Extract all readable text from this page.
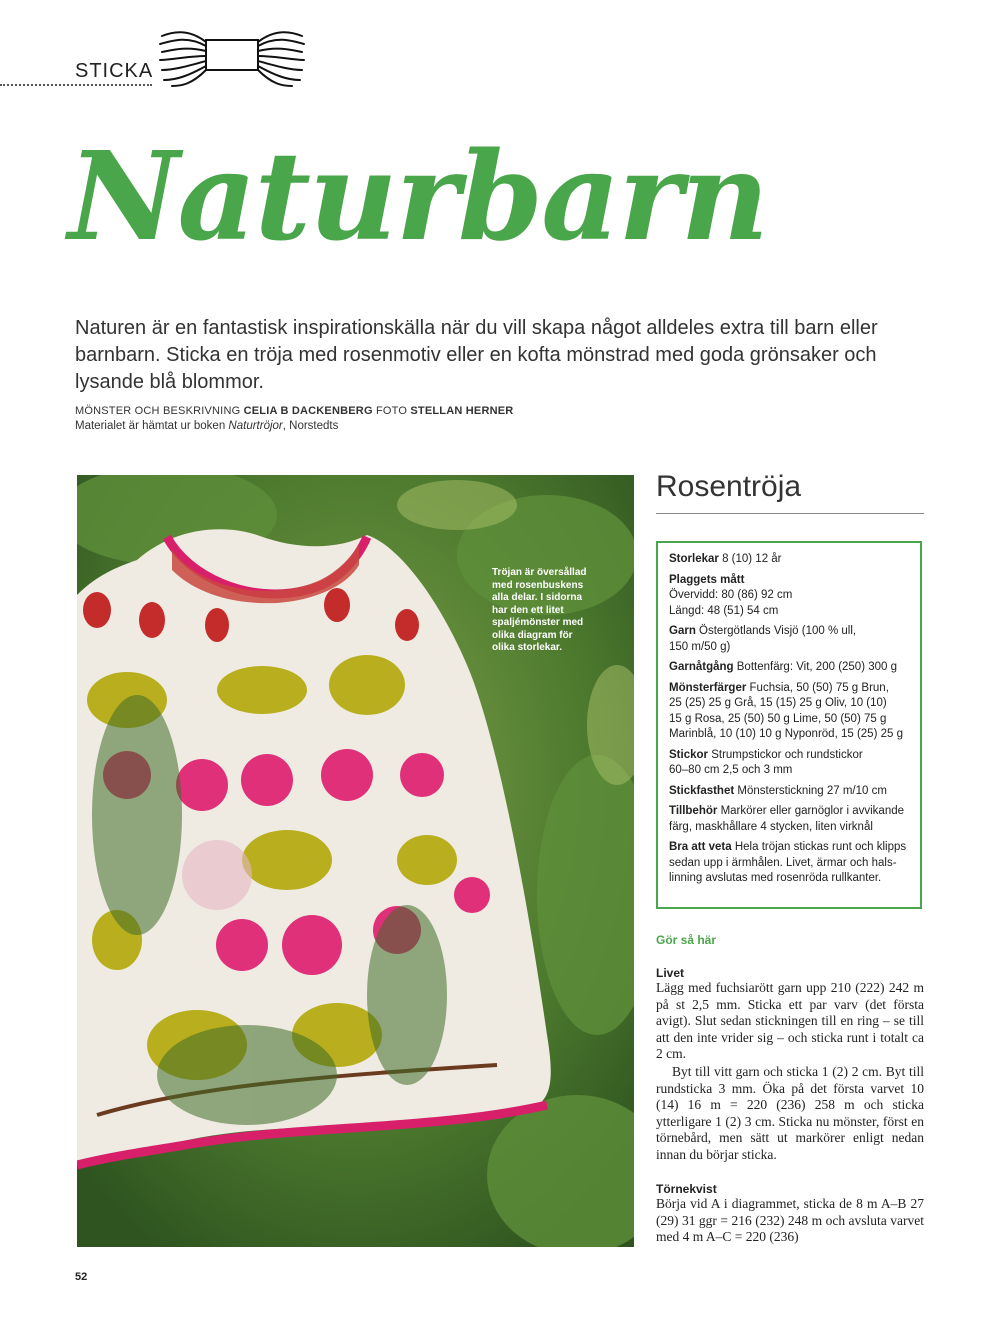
STICKA
Naturbarn
Naturen är en fantastisk inspirationskälla när du vill skapa något alldeles extra till barn eller barnbarn. Sticka en tröja med rosenmotiv eller en kofta mönstrad med goda grönsaker och lysande blå blommor.
MÖNSTER OCH BESKRIVNING CELIA B DACKENBERG FOTO STELLAN HERNER
Materialet är hämtat ur boken Naturtröjor, Norstedts
Tröjan är översållad med rosenbuskens alla delar. I sidorna har den ett litet spaljémönster med olika diagram för olika storlekar.
Rosentröja
Storlekar 8 (10) 12 år
Plaggets mått
Övervidd: 80 (86) 92 cm
Längd: 48 (51) 54 cm
Garn Östergötlands Visjö (100 % ull,
150 m/50 g)
Garnåtgång Bottenfärg: Vit, 200 (250) 300 g
Mönsterfärger Fuchsia, 50 (50) 75 g Brun,
25 (25) 25 g Grå, 15 (15) 25 g Oliv, 10 (10)
15 g Rosa, 25 (50) 50 g Lime, 50 (50) 75 g
Marinblå, 10 (10) 10 g Nyponröd, 15 (25) 25 g
Stickor Strumpstickor och rundstickor
60–80 cm 2,5 och 3 mm
Stickfasthet Mönsterstickning 27 m/10 cm
Tillbehör Markörer eller garnöglor i avvikande
färg, maskhållare 4 stycken, liten virknål
Bra att veta Hela tröjan stickas runt och klipps
sedan upp i ärmhålen. Livet, ärmar och hals-
linning avslutas med rosenröda rullkanter.
Gör så här
Livet
Lägg med fuchsiarött garn upp 210 (222) 242 m på st 2,5 mm. Sticka ett par varv (det första avigt). Slut sedan stickningen till en ring – se till att den inte vrider sig – och sticka runt i totalt ca 2 cm.
Byt till vitt garn och sticka 1 (2) 2 cm. Byt till rundsticka 3 mm. Öka på det första varvet 10 (14) 16 m = 220 (236) 258 m och sticka ytterligare 1 (2) 3 cm. Sticka nu mönster, först en törnebård, men sätt ut markörer enligt nedan innan du börjar sticka.
Törnekvist
Börja vid A i diagrammet, sticka de 8 m A–B 27 (29) 31 ggr = 216 (232) 248 m och avsluta varvet med 4 m A–C = 220 (236)
52
